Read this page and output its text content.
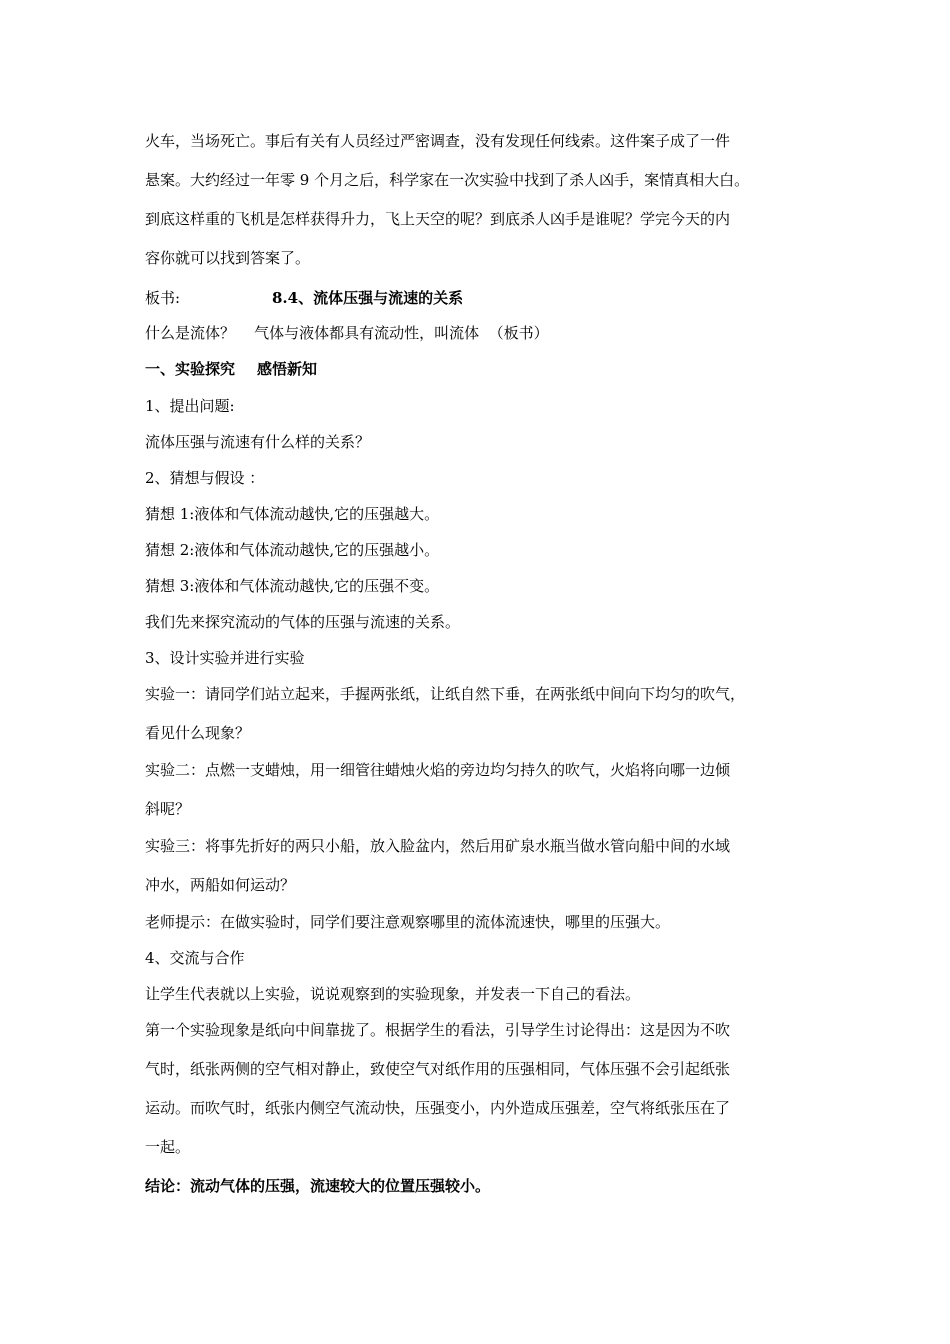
火车，当场死亡。事后有关有人员经过严密调查，没有发现任何线索。这件案子成了一件
悬案。大约经过一年零 9 个月之后，科学家在一次实验中找到了杀人凶手，案情真相大白。
到底这样重的飞机是怎样获得升力，飞上天空的呢？到底杀人凶手是谁呢？学完今天的内
容你就可以找到答案了。
板书:	8.4、流体压强与流速的关系
什么是流体？    气体与液体都具有流动性，叫流体  （板书）
一、实验探究 感悟新知
1、提出问题:
流体压强与流速有什么样的关系？
2、猜想与假设 ：
猜想 1:液体和气体流动越快,它的压强越大。
猜想 2:液体和气体流动越快,它的压强越小。
猜想 3:液体和气体流动越快,它的压强不变。
我们先来探究流动的气体的压强与流速的关系。
3、设计实验并进行实验
实验一：请同学们站立起来，手握两张纸，让纸自然下垂，在两张纸中间向下均匀的吹气，
看见什么现象？
实验二：点燃一支蜡烛，用一细管往蜡烛火焰的旁边均匀持久的吹气，火焰将向哪一边倾
斜呢？
实验三：将事先折好的两只小船，放入脸盆内，然后用矿泉水瓶当做水管向船中间的水域
冲水，两船如何运动？
老师提示：在做实验时，同学们要注意观察哪里的流体流速快，哪里的压强大。
4、交流与合作
让学生代表就以上实验，说说观察到的实验现象，并发表一下自己的看法。
第一个实验现象是纸向中间靠拢了。根据学生的看法，引导学生讨论得出：这是因为不吹
气时，纸张两侧的空气相对静止，致使空气对纸作用的压强相同，气体压强不会引起纸张
运动。而吹气时，纸张内侧空气流动快，压强变小，内外造成压强差，空气将纸张压在了
一起。
结论：流动气体的压强，流速较大的位置压强较小。
